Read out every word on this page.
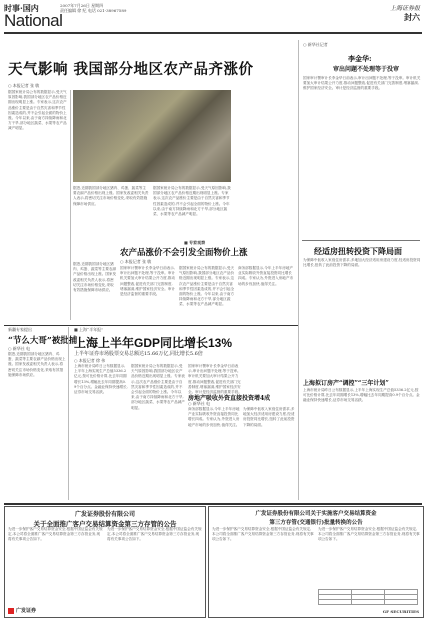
时事·国内
National
2007年7月26日 星期四
责任编辑 徐 纪 电话 021-38967589	上海证券报
封六
天气影响 我国部分地区农产品齐涨价
○ 本报记者 张 敏
据国家统计局公布的数据显示,受天气原因影响,我国部分地区农产品价格近期出现明显上涨。专家表示,这次农产品涨价主要是由于自然灾害和季节性因素造成的,并不会引起全面的物价上涨。今年以来,由于南方持续降雨和北方干旱,部分地区蔬菜、水果等农产品减产明显。
据悉,近期我国部分地区猪肉、鸡蛋、蔬菜等主要农副产品价格出现上涨。国家发改委相关负责人表示,将密切关注市场价格变化,采取有效措施保障市场供应。
据国家统计局公布的数据显示,受天气原因影响,我国部分地区农产品价格近期出现明显上涨。专家表示,这次农产品涨价主要是由于自然灾害和季节性因素造成的,并不会引起全面的物价上涨。今年以来,由于南方持续降雨和北方干旱,部分地区蔬菜、水果等农产品减产明显。
■ 专家观察
农产品涨价不会引发全面物价上涨
○ 本报记者 张 敏
据悉,近期我国部分地区猪肉、鸡蛋、蔬菜等主要农副产品价格出现上涨。国家发改委相关负责人表示,将密切关注市场价格变化,采取有效措施保障市场供应。
国家审计署审计长李金华日前表示,审计出问题不处理,等于没审。审计机关要加大审计结果公开力度,推动问题整改,促进有关部门完善制度,堵塞漏洞,维护国家经济安全。审计是经济监督的重要手段。
据国家统计局公布的数据显示,受天气原因影响,我国部分地区农产品价格近期出现明显上涨。专家表示,这次农产品涨价主要是由于自然灾害和季节性因素造成的,并不会引起全面的物价上涨。今年以来,由于南方持续降雨和北方干旱,部分地区蔬菜、水果等农产品减产明显。
商务部数据显示,今年上半年房地产业实际吸收外资直接投资同比增长四成。专家认为,外资进入房地产市场的步伐加快,值得关注。
○ 新华社记者
李金华:
审出问题不处理等于没审
国家审计署审计长李金华日前表示,审计出问题不处理,等于没审。审计机关要加大审计结果公开力度,推动问题整改,促进有关部门完善制度,堵塞漏洞,维护国家经济安全。审计是经济监督的重要手段。
经适房扭转投资下降局面
为保障中低收入家庭住房需求,多地加大经济适用房建设力度,经适房投资同比增长,扭转了此前投资下降的局面。
上海拟订房产“调控”“三年计划”
上海市统计局昨日公布数据显示,上半年上海实现生产总值5336.2亿元,按可比价格计算,比去年同期增长13%,增幅比去年同期提高0.9个百分点。金融业保持快速增长,证券市场交易活跃。
新疆专家提出
“节么大哥”被批捕
○ 新华社 电
据悉,近期我国部分地区猪肉、鸡蛋、蔬菜等主要农副产品价格出现上涨。国家发改委相关负责人表示,将密切关注市场价格变化,采取有效措施保障市场供应。
■ 上海“半年报”
上海上半年GDP同比增长13%
上半年证券市场股票交易总额达15.66万亿,同比增长5.6倍
○ 本报记者 徐 伟
上海市统计局昨日公布数据显示,上半年上海实现生产总值5336.2亿元,按可比价格计算,比去年同期增长13%,增幅比去年同期提高0.9个百分点。金融业保持快速增长,证券市场交易活跃。
据国家统计局公布的数据显示,受天气原因影响,我国部分地区农产品价格近期出现明显上涨。专家表示,这次农产品涨价主要是由于自然灾害和季节性因素造成的,并不会引起全面的物价上涨。今年以来,由于南方持续降雨和北方干旱,部分地区蔬菜、水果等农产品减产明显。
国家审计署审计长李金华日前表示,审计出问题不处理,等于没审。审计机关要加大审计结果公开力度,推动问题整改,促进有关部门完善制度,堵塞漏洞,维护国家经济安全。审计是经济监督的重要手段。
房地产吸收外资直接投资增4成
○ 新华社 电
商务部数据显示,今年上半年房地产业实际吸收外资直接投资同比增长四成。专家认为,外资进入房地产市场的步伐加快,值得关注。
为保障中低收入家庭住房需求,多地加大经济适用房建设力度,经适房投资同比增长,扭转了此前投资下降的局面。
广发证券股份有限公司
关于全面推广客户交易结算资金第三方存管的公告
为进一步保护客户交易结算资金安全,根据中国证监会有关规定,本公司将全面推广客户交易结算资金第三方存管业务,现将有关事项公告如下。
为进一步保护客户交易结算资金安全,根据中国证监会有关规定,本公司将全面推广客户交易结算资金第三方存管业务,现将有关事项公告如下。
广发证券
广发证券股份有限公司关于实施客户交易结算资金
第三方存管(交通银行)批量转换的公告
为进一步保护客户交易结算资金安全,根据中国证监会有关规定,本公司将全面推广客户交易结算资金第三方存管业务,现将有关事项公告如下。
为进一步保护客户交易结算资金安全,根据中国证监会有关规定,本公司将全面推广客户交易结算资金第三方存管业务,现将有关事项公告如下。

GF SECURITIES
